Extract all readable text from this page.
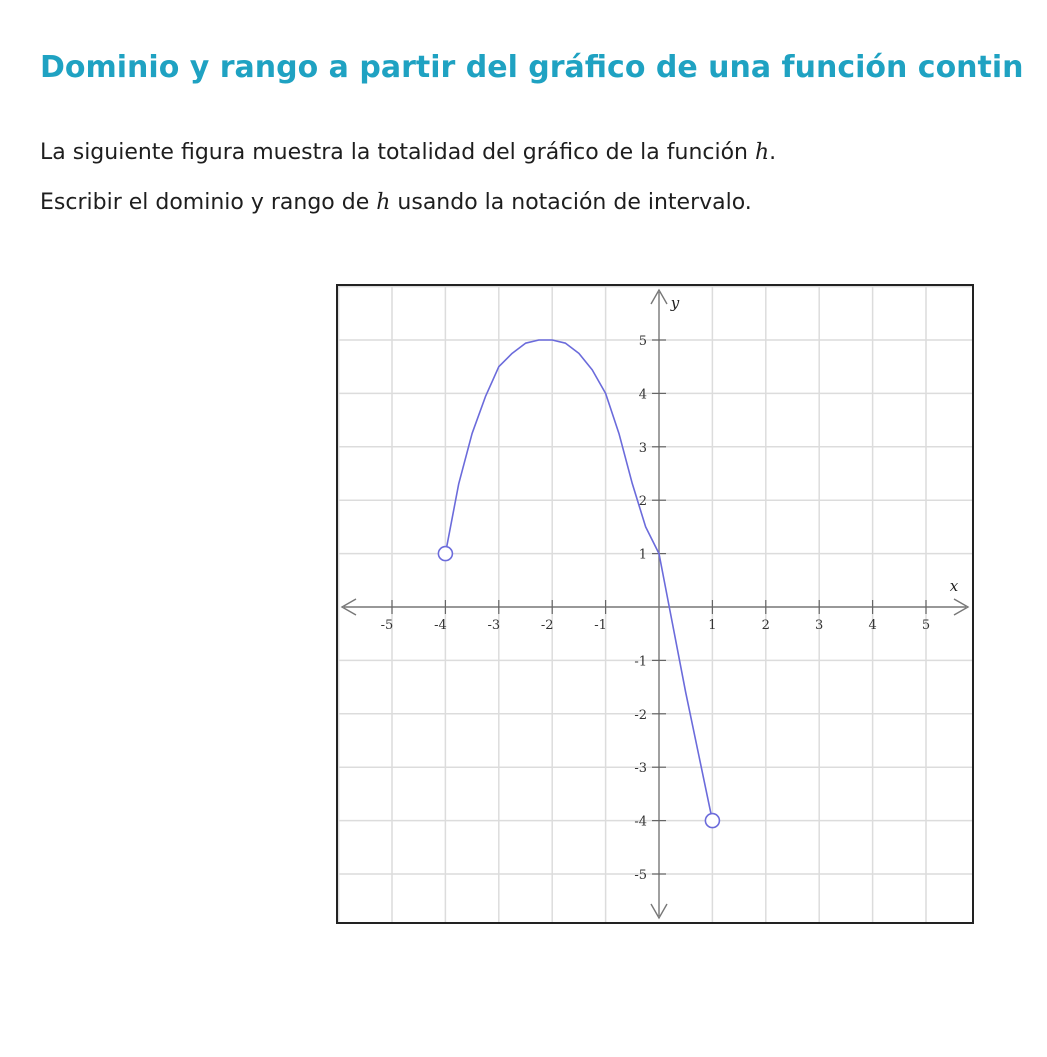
Dominio y rango a partir del gráfico de una función contin
La siguiente figura muestra la totalidad del gráfico de la función h.
Escribir el dominio y rango de h usando la notación de intervalo.
-5	-4	-3	-2	-1	1	2	3	4	5
-5
-4
-3
-2
-1
1
2
3
4
5
x
y
